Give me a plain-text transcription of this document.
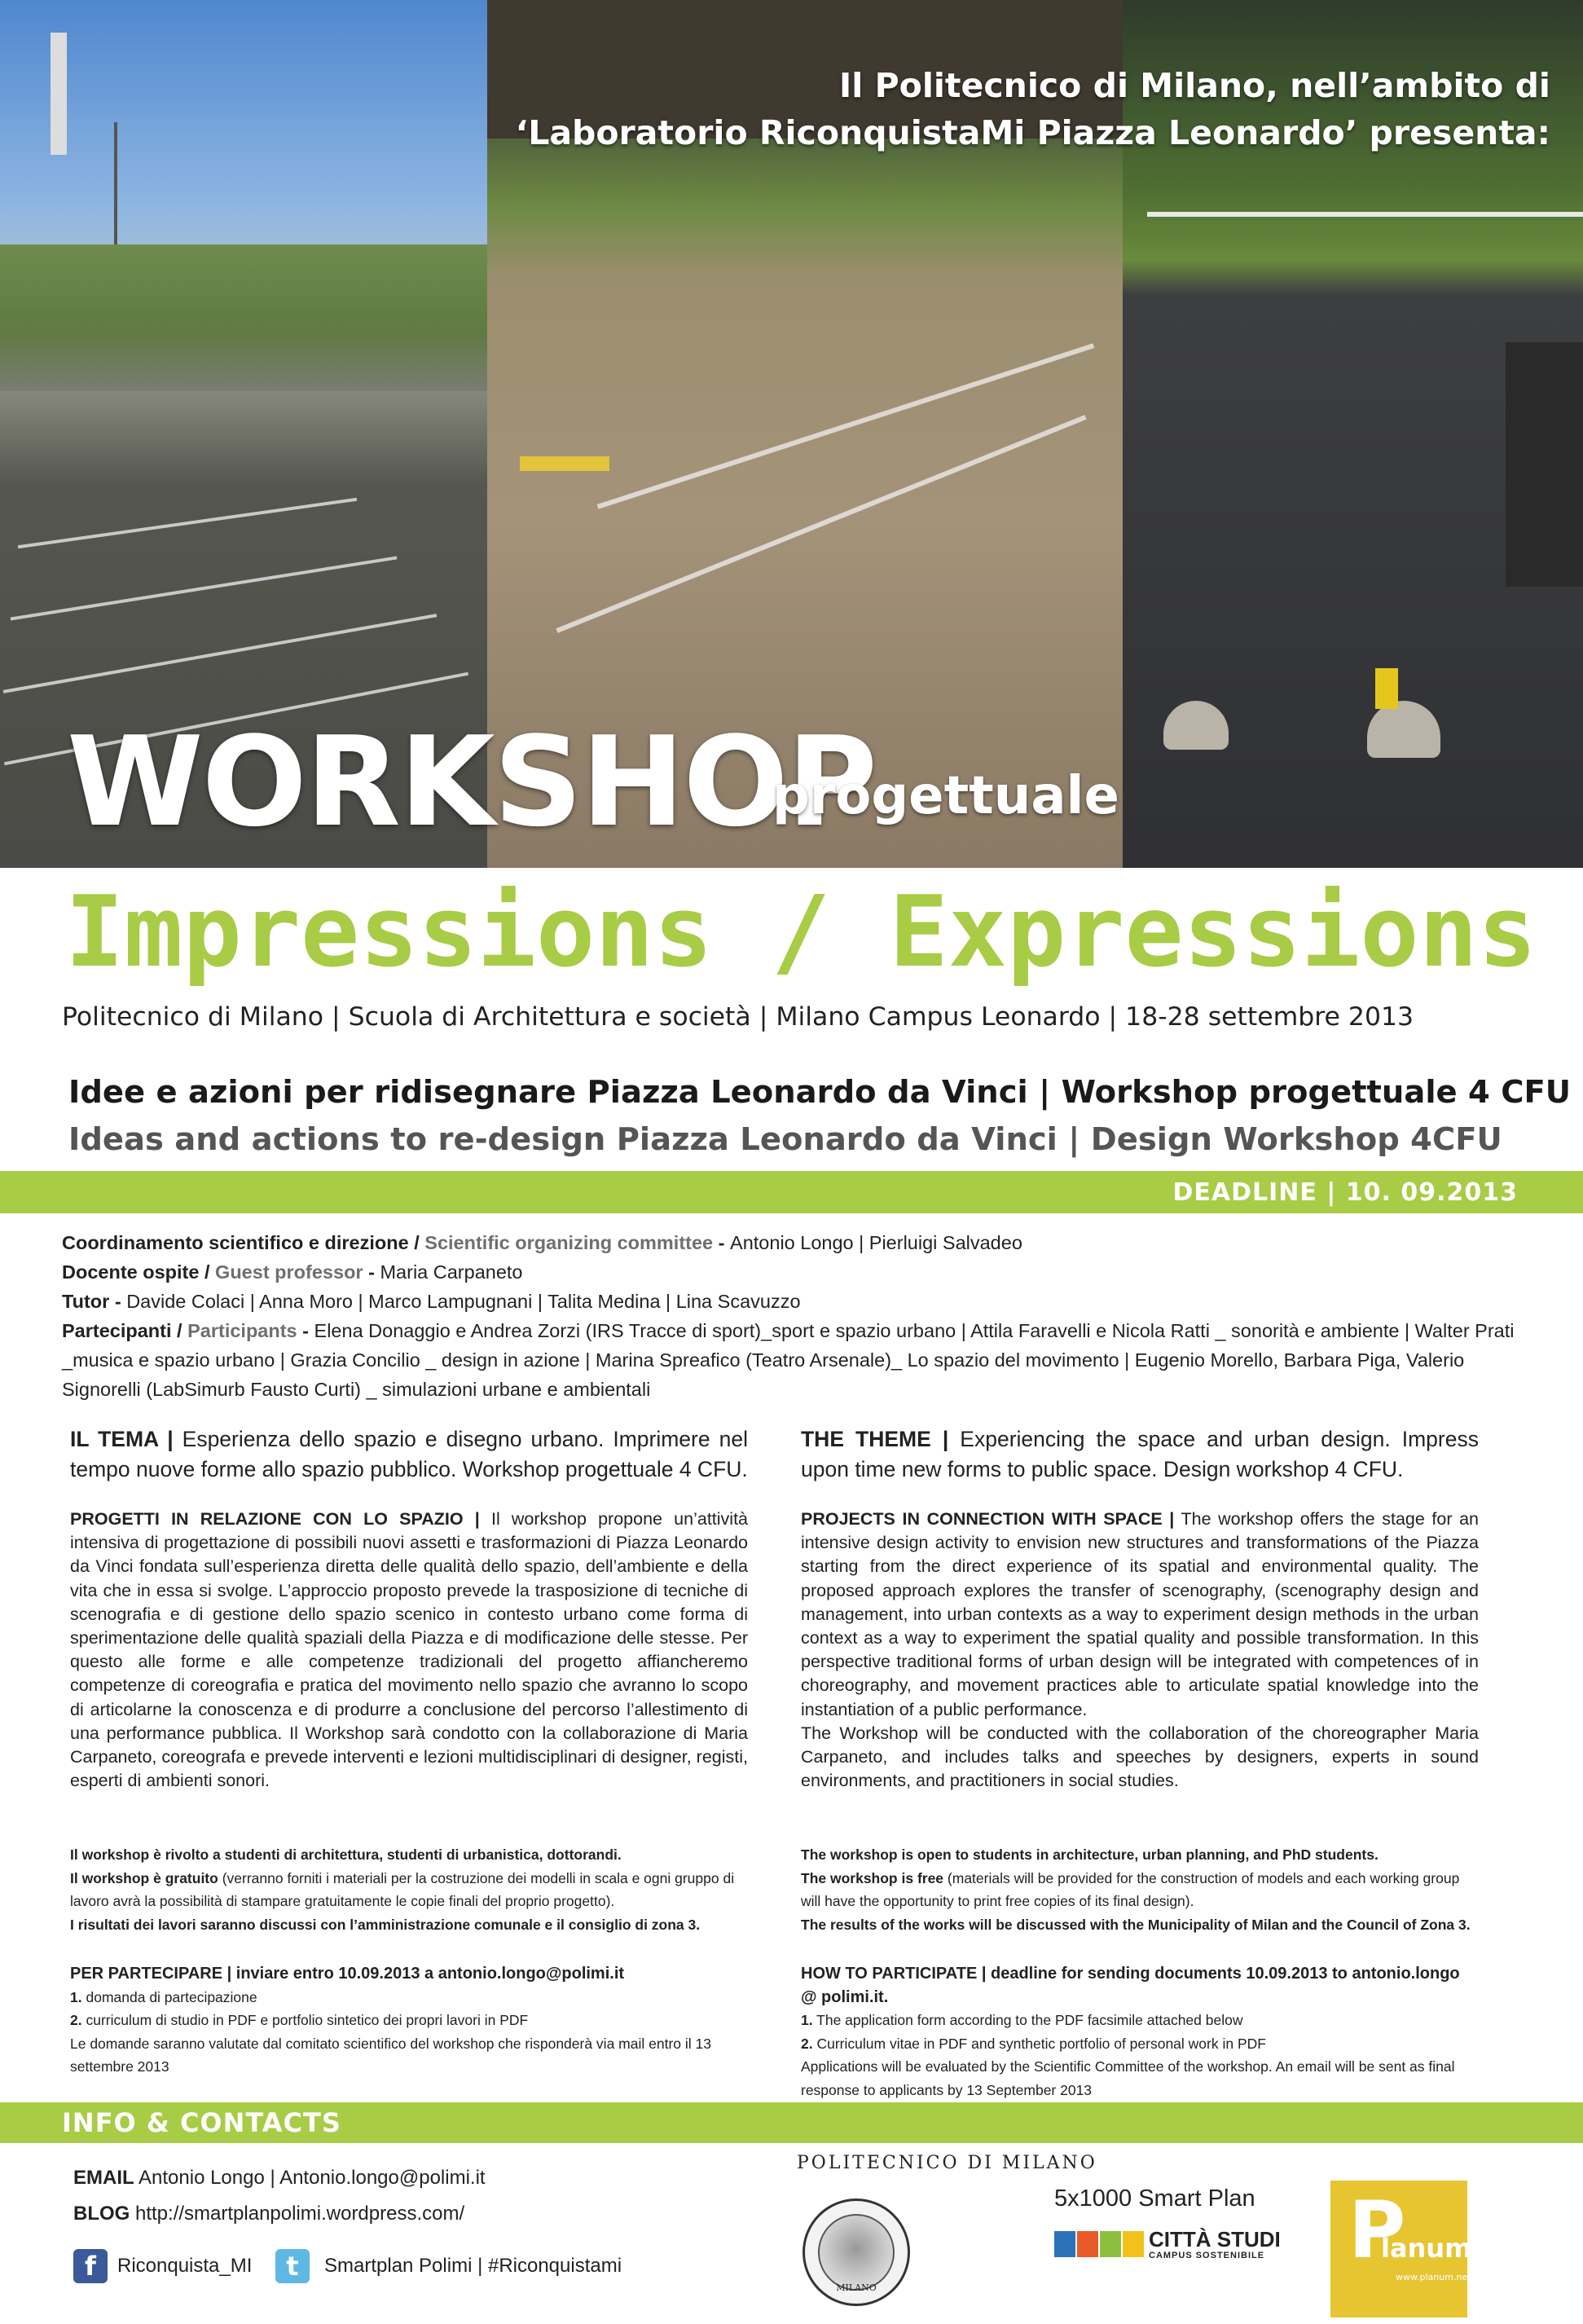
Il Politecnico di Milano, nell’ambito di
‘Laboratorio RiconquistaMi Piazza Leonardo’ presenta:
WORKSHOP
progettuale
Impressions / Expressions
Politecnico di Milano | Scuola di Architettura e società | Milano Campus Leonardo | 18-28 settembre 2013
Idee e azioni per ridisegnare Piazza Leonardo da Vinci | Workshop progettuale 4 CFU
Ideas and actions to re-design Piazza Leonardo da Vinci | Design Workshop 4CFU
DEADLINE | 10. 09.2013
Coordinamento scientifico e direzione / Scientific organizing committee - Antonio Longo | Pierluigi Salvadeo
Docente ospite / Guest professor - Maria Carpaneto
Tutor - Davide Colaci | Anna Moro | Marco Lampugnani | Talita Medina | Lina Scavuzzo
Partecipanti / Participants - Elena Donaggio e Andrea Zorzi (IRS Tracce di sport)_sport e spazio urbano | Attila Faravelli e Nicola Ratti _ sonorità e ambiente | Walter Prati _musica e spazio urbano | Grazia Concilio _ design in azione | Marina Spreafico (Teatro Arsenale)_ Lo spazio del movimento | Eugenio Morello, Barbara Piga, Valerio Signorelli (LabSimurb Fausto Curti) _ simulazioni urbane e ambientali
IL TEMA | Esperienza dello spazio e disegno urbano. Imprimere nel tempo nuove forme allo spazio pubblico. Workshop progettuale 4 CFU.
PROGETTI IN RELAZIONE CON LO SPAZIO | Il workshop propone un’attività intensiva di progettazione di possibili nuovi assetti e trasformazioni di Piazza Leonardo da Vinci fondata sull’esperienza diretta delle qualità dello spazio, dell’ambiente e della vita che in essa si svolge. L’approccio proposto prevede la trasposizione di tecniche di scenografia e di gestione dello spazio scenico in contesto urbano come forma di sperimentazione delle qualità spaziali della Piazza e di modificazione delle stesse. Per questo alle forme e alle competenze tradizionali del progetto affiancheremo competenze di coreografia e pratica del movimento nello spazio che avranno lo scopo di articolarne la conoscenza e di produrre a conclusione del percorso l’allestimento di una performance pubblica. Il Workshop sarà condotto con la collaborazione di Maria Carpaneto, coreografa e prevede interventi e lezioni multidisciplinari di designer, registi, esperti di ambienti sonori.
Il workshop è rivolto a studenti di architettura, studenti di urbanistica, dottorandi.
Il workshop è gratuito (verranno forniti i materiali per la costruzione dei modelli in scala e ogni gruppo di lavoro avrà la possibilità di stampare gratuitamente le copie finali del proprio progetto).
I risultati dei lavori saranno discussi con l’amministrazione comunale e il consiglio di zona 3.
PER PARTECIPARE | inviare entro 10.09.2013 a antonio.longo@polimi.it
1. domanda di partecipazione
2. curriculum di studio in PDF e portfolio sintetico dei propri lavori in PDF
Le domande saranno valutate dal comitato scientifico del workshop che risponderà via mail entro il 13 settembre 2013
THE THEME | Experiencing the space and urban design. Impress upon time new forms to public space. Design workshop 4 CFU.
PROJECTS IN CONNECTION WITH SPACE | The workshop offers the stage for an intensive design activity to envision new structures and transformations of the Piazza starting from the direct experience of its spatial and environmental quality. The proposed approach explores the transfer of scenography, (scenography design and management, into urban contexts as a way to experiment design methods in the urban context as a way to experiment the spatial quality and possible transformation. In this perspective traditional forms of urban design will be integrated with competences of in choreography, and movement practices able to articulate spatial knowledge into the instantiation of a public performance.
The Workshop will be conducted with the collaboration of the choreographer Maria Carpaneto, and includes talks and speeches by designers, experts in sound environments, and practitioners in social studies.
The workshop is open to students in architecture, urban planning, and PhD students.
The workshop is free (materials will be provided for the construction of models and each working group will have the opportunity to print free copies of its final design).
The results of the works will be discussed with the Municipality of Milan and the Council of Zona 3.
HOW TO PARTICIPATE | deadline for sending documents 10.09.2013 to antonio.longo @ polimi.it.
1. The application form according to the PDF facsimile attached below
2. Curriculum vitae in PDF and synthetic portfolio of personal work in PDF
Applications will be evaluated by the Scientific Committee of the workshop. An email will be sent as final response to applicants by 13 September 2013
INFO & CONTACTS
EMAIL Antonio Longo | Antonio.longo@polimi.it
BLOG http://smartplanpolimi.wordpress.com/
f	Riconquista_MI	t	Smartplan Polimi | #Riconquistami
POLITECNICO DI MILANO
MILANO
5x1000 Smart Plan
CITTÀ STUDI
CAMPUS SOSTENIBILE P
lanum
www.planum.net
